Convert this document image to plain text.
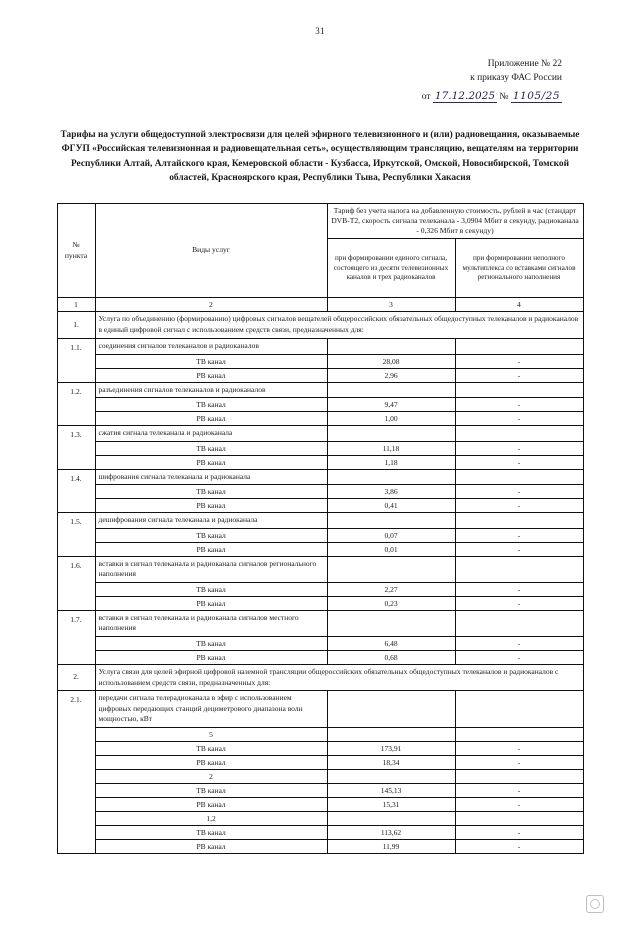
31
Приложение № 22
к приказу ФАС России
от 17.12.2025 № 1105/25
Тарифы на услуги общедоступной электросвязи для целей эфирного телевизионного и (или) радиовещания, оказываемые ФГУП «Российская телевизионная и радиовещательная сеть», осуществляющим трансляцию, вещателям на территории Республики Алтай, Алтайского края, Кемеровской области - Кузбасса, Иркутской, Омской, Новосибирской, Томской областей, Красноярского края, Республики Тыва, Республики Хакасия
№ пункта	Виды услуг	Тариф без учета налога на добавленную стоимость, рублей в час (стандарт DVB-T2, скорость сигнала телеканала - 3,0904 Мбит в секунду, радиоканала - 0,326 Мбит в секунду)	
		при формировании единого сигнала, состоящего из десяти телевизионных каналов и трех радиоканалов	при формировании неполного мультиплекса со вставками сигналов регионального наполнения
1	2	3	4
1.	Услуга по объединению (формированию) цифровых сигналов вещателей общероссийских обязательных общедоступных телеканалов и радиоканалов в единый цифровой сигнал с использованием средств связи, предназначенных для:		
1.1.	соединения сигналов телеканалов и радиоканалов		
	ТВ канал	28,08	-
	РВ канал	2,96	-
1.2.	разъединения сигналов телеканалов и радиоканалов		
	ТВ канал	9,47	-
	РВ канал	1,00	-
1.3.	сжатия сигнала телеканала и радиоканала		
	ТВ канал	11,18	-
	РВ канал	1,18	-
1.4.	шифрования сигнала телеканала и радиоканала		
	ТВ канал	3,86	-
	РВ канал	0,41	-
1.5.	дешифрования сигнала телеканала и радиоканала		
	ТВ канал	0,07	-
	РВ канал	0,01	-
1.6.	вставки в сигнал телеканала и радиоканала сигналов регионального наполнения		
	ТВ канал	2,27	-
	РВ канал	0,23	-
1.7.	вставки в сигнал телеканала и радиоканала сигналов местного наполнения		
	ТВ канал	6,48	-
	РВ канал	0,68	-
2.	Услуга связи для целей эфирной цифровой наземной трансляции общероссийских обязательных общедоступных телеканалов и радиоканалов с использованием средств связи, предназначенных для:		
2.1.	передачи сигнала телерадиоканала в эфир с использованием цифровых передающих станций дециметрового диапазона волн мощностью, кВт		
	5		
	ТВ канал	173,91	-
	РВ канал	18,34	-
	2		
	ТВ канал	145,13	-
	РВ канал	15,31	-
	1,2		
	ТВ канал	113,62	-
	РВ канал	11,99	-
